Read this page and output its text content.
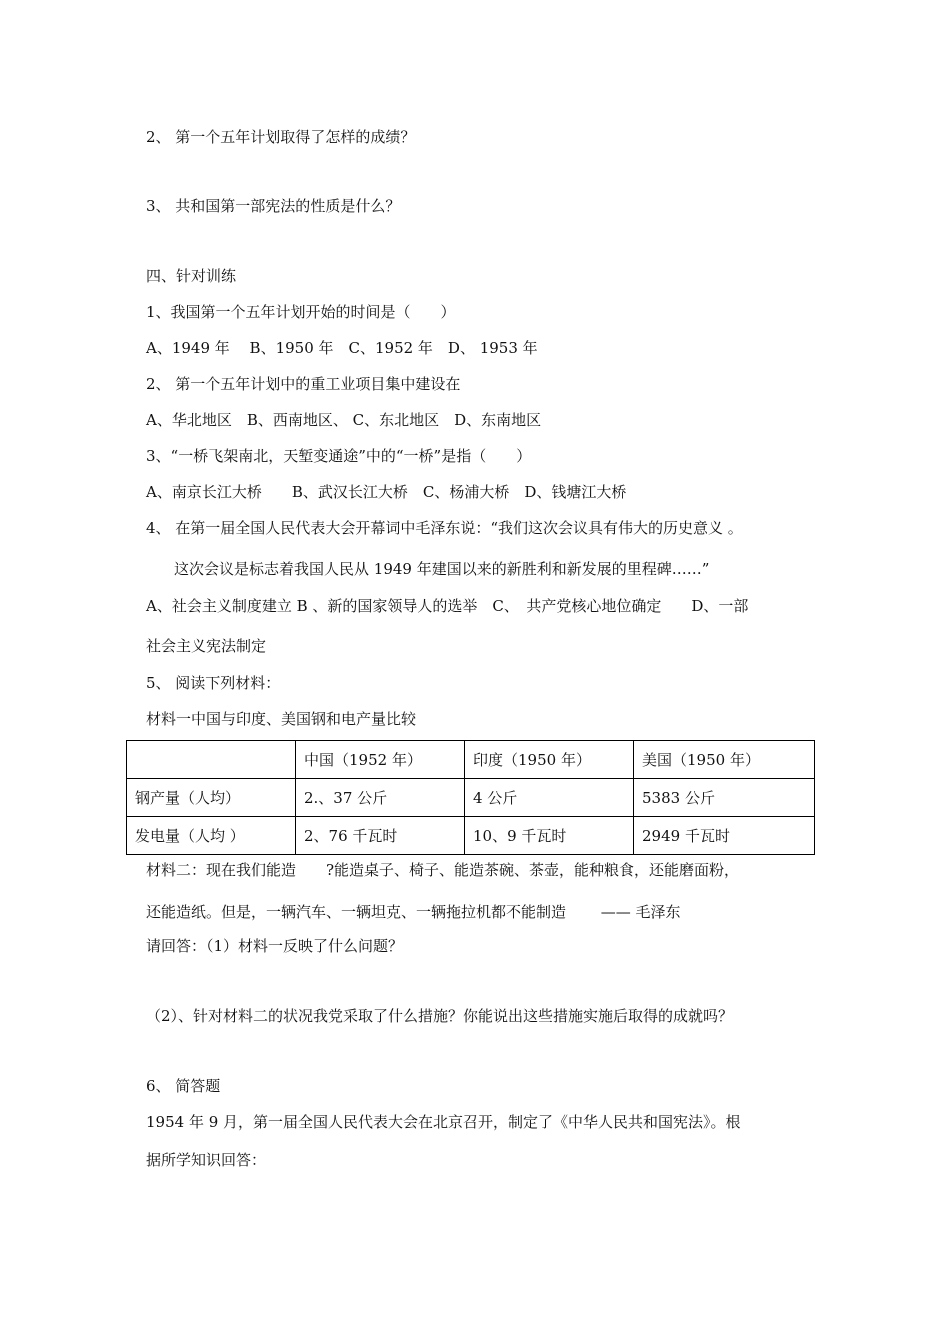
2、 第一个五年计划取得了怎样的成绩？
3、 共和国第一部宪法的性质是什么？
四、针对训练
1、我国第一个五年计划开始的时间是（　　）
A、1949 年　 B、1950 年　C、1952 年　D、 1953 年
2、 第一个五年计划中的重工业项目集中建设在
A、华北地区　B、西南地区、 C、东北地区　D、东南地区
3、“一桥飞架南北，天堑变通途”中的“一桥”是指（　　）
A、南京长江大桥　　B、武汉长江大桥　C、杨浦大桥　D、钱塘江大桥
4、 在第一届全国人民代表大会开幕词中毛泽东说：“我们这次会议具有伟大的历史意义 。
这次会议是标志着我国人民从 1949 年建国以来的新胜利和新发展的里程碑……”
A、社会主义制度建立 B 、新的国家领导人的选举　C、　共产党核心地位确定　　D、一部
社会主义宪法制定
5、 阅读下列材料：
材料一中国与印度、美国钢和电产量比较
	中国（1952 年）	印度（1950 年）	美国（1950 年）
钢产量（人均）	2.、37 公斤	4 公斤	5383 公斤
发电量（人均 ）	2、76 千瓦时	10、9 千瓦时	2949 千瓦时
材料二：现在我们能造　　?能造桌子、椅子、能造茶碗、茶壶，能种粮食，还能磨面粉，
还能造纸。但是，一辆汽车、一辆坦克、一辆拖拉机都不能制造　　 —— 毛泽东
请回答：（1）材料一反映了什么问题？
（2）、针对材料二的状况我党采取了什么措施？你能说出这些措施实施后取得的成就吗？
6、 简答题
1954 年 9 月，第一届全国人民代表大会在北京召开，制定了《中华人民共和国宪法》。根
据所学知识回答：
